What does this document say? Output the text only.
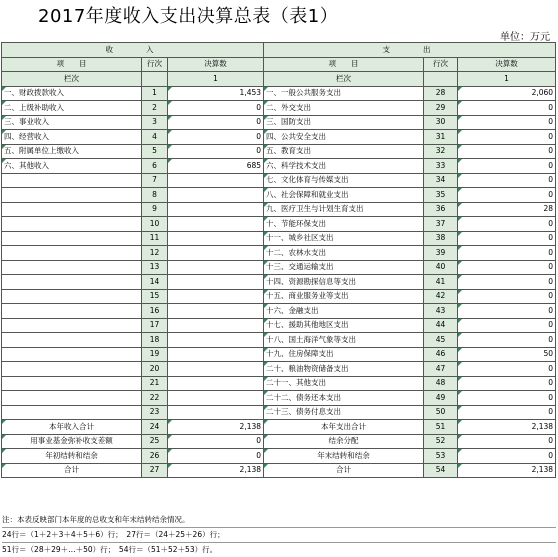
2017年度收入支出决算总表（表1）
单位：万元
收　　入			支　　出		
项　　目	行次	决算数	项　　目	行次	决算数
栏次		1	栏次		1
一、财政拨款收入	1	1,453	一、一般公共服务支出	28	2,060

二、上级补助收入	2	0	二、外交支出	29	0

三、事业收入	3	0	三、国防支出	30	0

四、经营收入	4	0	四、公共安全支出	31	0

五、附属单位上缴收入	5	0	五、教育支出	32	0

六、其他收入	6	685	六、科学技术支出	33	0

	7		七、文化体育与传媒支出	34	0

	8		八、社会保障和就业支出	35	0

	9		九、医疗卫生与计划生育支出	36	28

	10		十、节能环保支出	37	0

	11		十一、城乡社区支出	38	0

	12		十二、农林水支出	39	0

	13		十三、交通运输支出	40	0

	14		十四、资源勘探信息等支出	41	0

	15		十五、商业服务业等支出	42	0

	16		十六、金融支出	43	0

	17		十七、援助其他地区支出	44	0

	18		十八、国土海洋气象等支出	45	0

	19		十九、住房保障支出	46	50

	20		二十、粮油物资储备支出	47	0

	21		二十一、其他支出	48	0

	22		二十二、债务还本支出	49	0

	23		二十三、债务付息支出	50	0

本年收入合计	24	2,138	本年支出合计	51	2,138

用事业基金弥补收支差额	25	0	结余分配	52	0

年初结转和结余	26	0	年末结转和结余	53	0

合计	27	2,138	合计	54	2,138
注：本表反映部门本年度的总收支和年末结转结余情况。
24行＝（1＋2＋3＋4＋5＋6）行；　27行＝（24＋25＋26）行；
51行＝（28＋29＋…＋50）行；　54行＝（51＋52＋53）行。
